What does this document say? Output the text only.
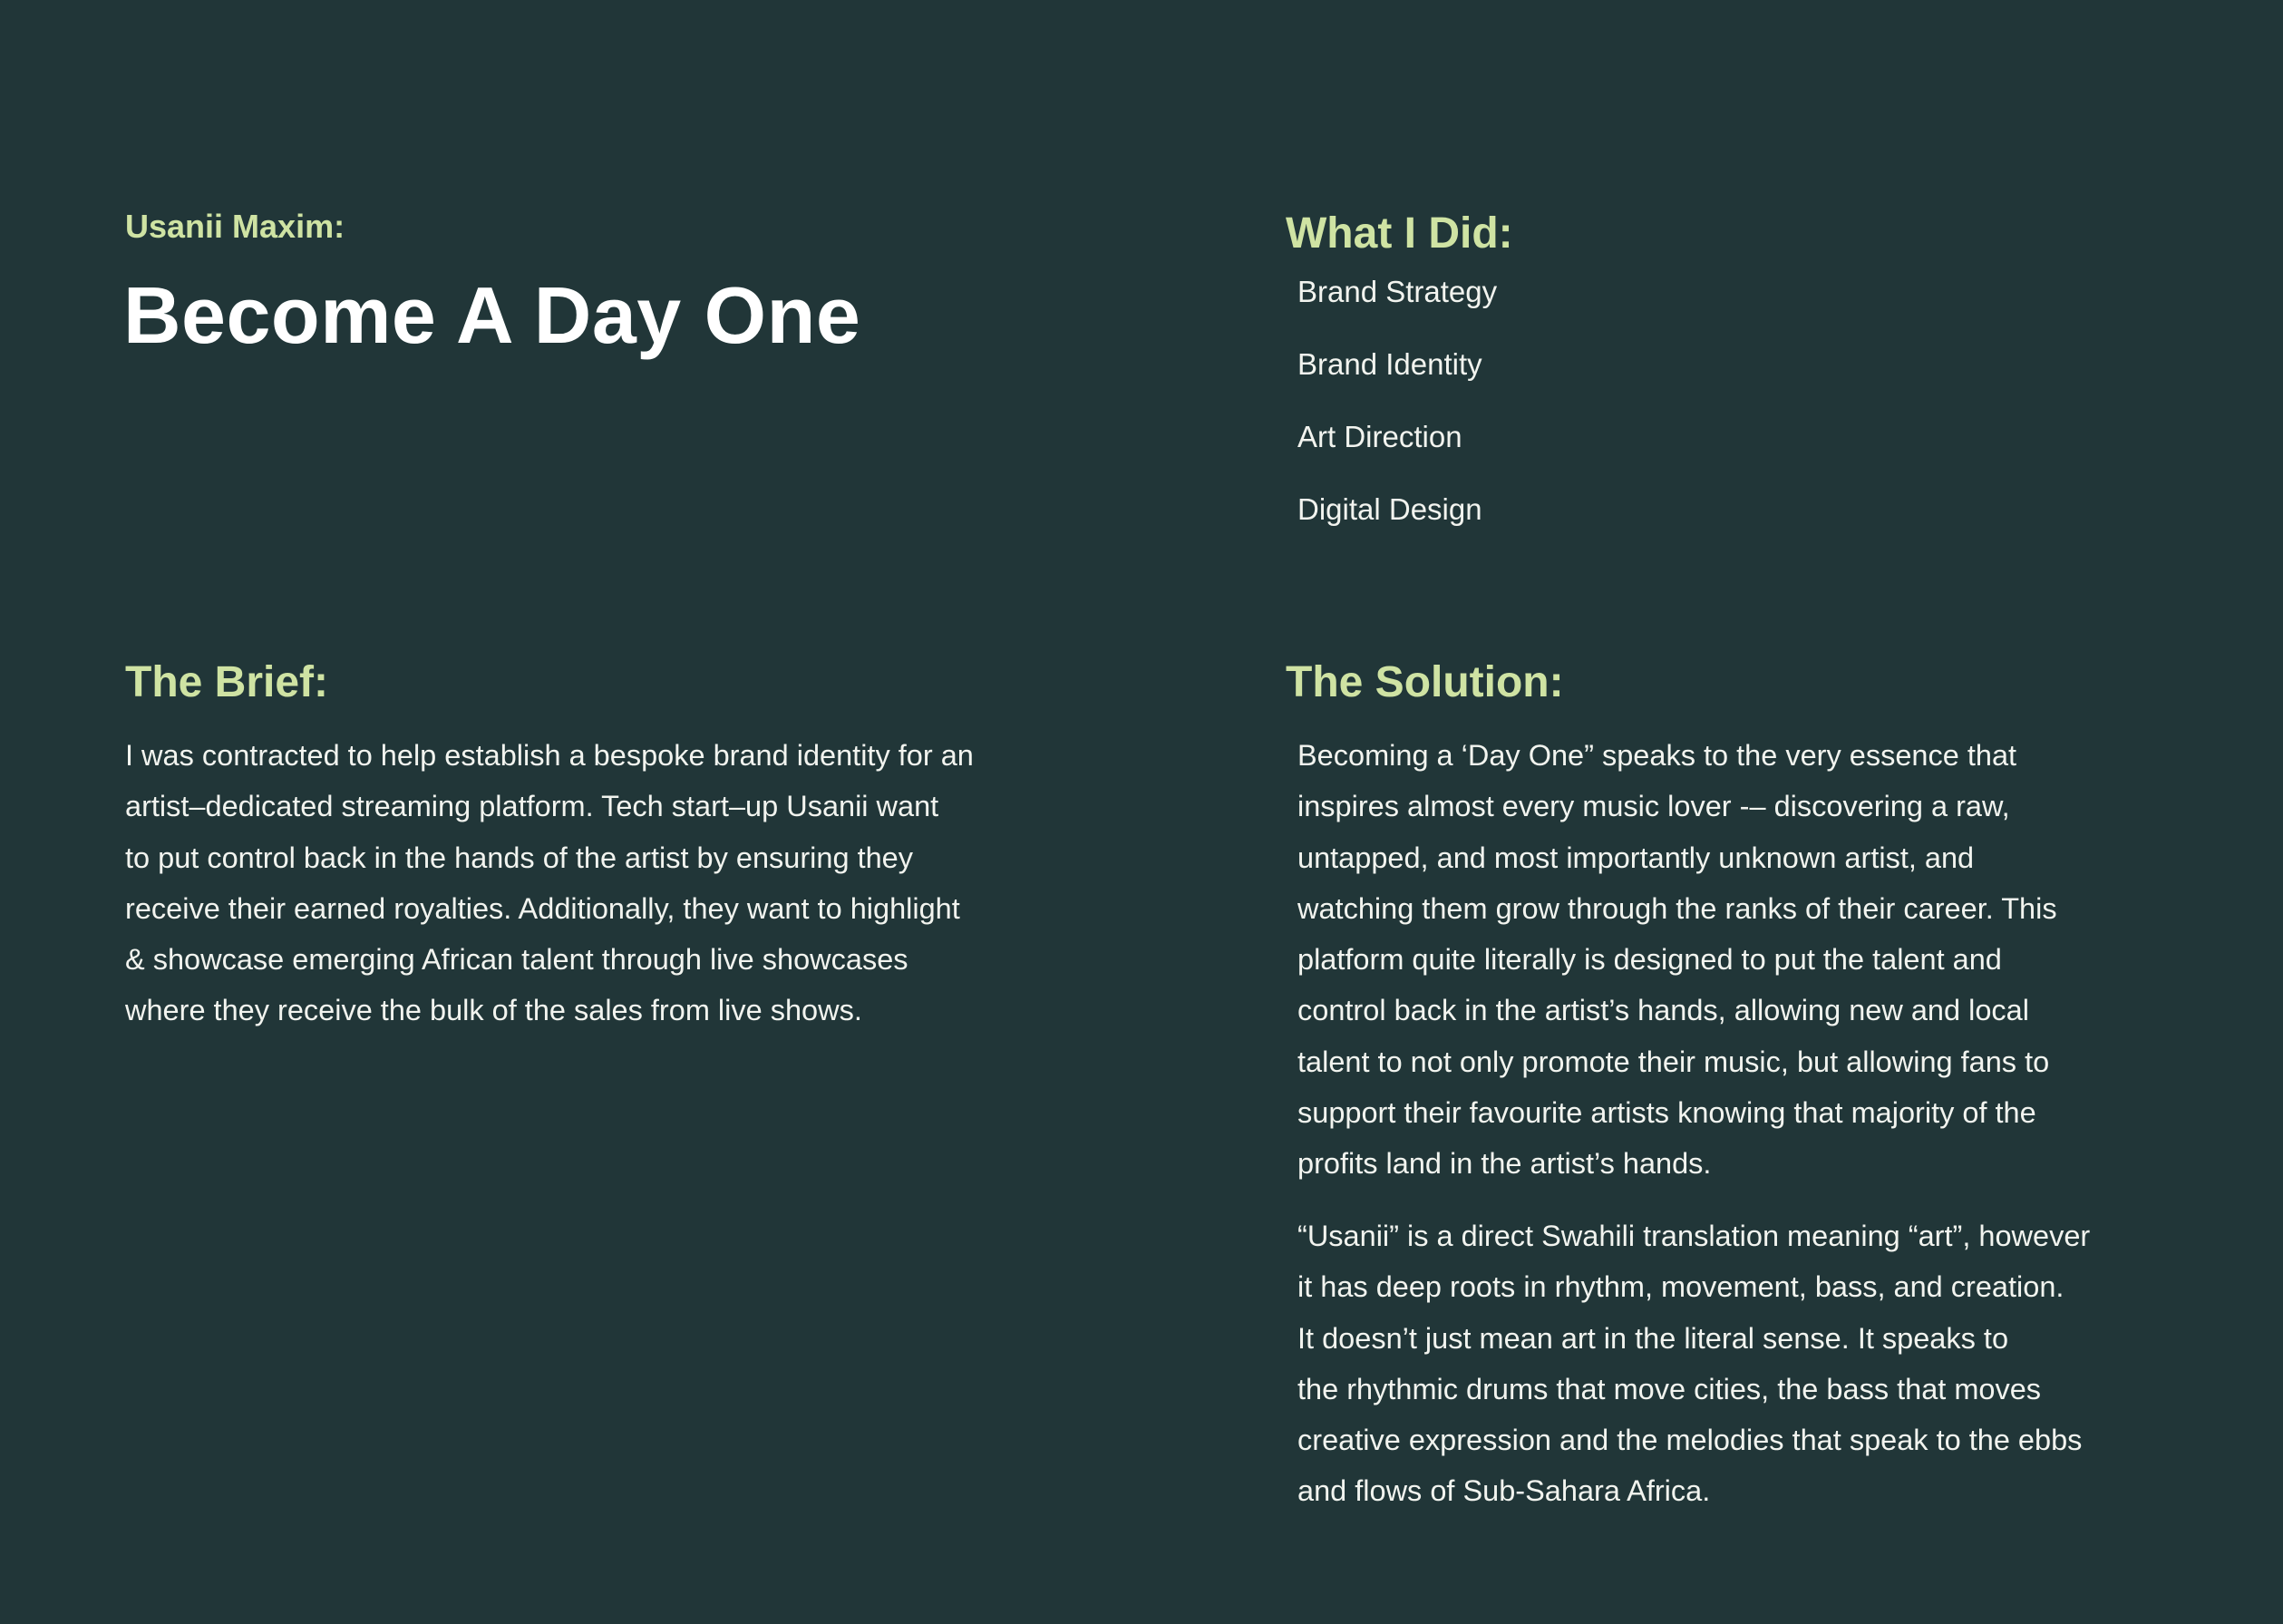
Usanii Maxim:
Become A Day One
What I Did:
Brand Strategy
Brand Identity
Art Direction
Digital Design
The Brief:

I was contracted to help establish a bespoke brand identity for an
artist–dedicated streaming platform. Tech start–up Usanii want
to put control back in the hands of the artist by ensuring they
receive their earned royalties. Additionally, they want to highlight
& showcase emerging African talent through live showcases
where they receive the bulk of the sales from live shows.

The Solution:

Becoming a ‘Day One” speaks to the very essence that
inspires almost every music lover -– discovering a raw,
untapped, and most importantly unknown artist, and
watching them grow through the ranks of their career. This
platform quite literally is designed to put the talent and
control back in the artist’s hands, allowing new and local
talent to not only promote their music, but allowing fans to
support their favourite artists knowing that majority of the
profits land in the artist’s hands.

“Usanii” is a direct Swahili translation meaning “art”, however
it has deep roots in rhythm, movement, bass, and creation.
It doesn’t just mean art in the literal sense. It speaks to
the rhythmic drums that move cities, the bass that moves
creative expression and the melodies that speak to the ebbs
and flows of Sub-Sahara Africa.
